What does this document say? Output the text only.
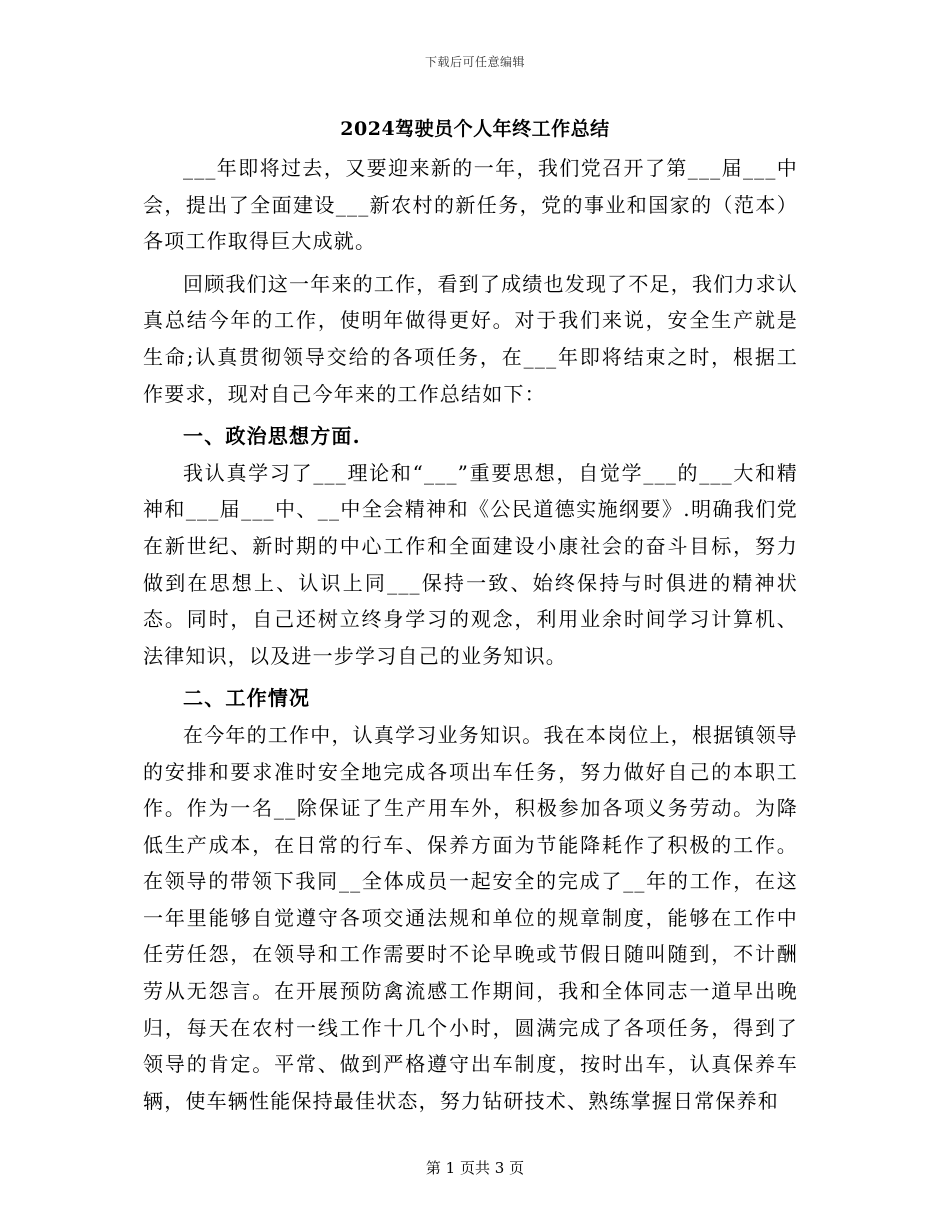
下载后可任意编辑
2024驾驶员个人年终工作总结

___年即将过去，又要迎来新的一年，我们党召开了第___届___中会，提出了全面建设___新农村的新任务，党的事业和国家的（范本）各项工作取得巨大成就。

回顾我们这一年来的工作，看到了成绩也发现了不足，我们力求认真总结今年的工作，使明年做得更好。对于我们来说，安全生产就是生命;认真贯彻领导交给的各项任务，在___年即将结束之时，根据工作要求，现对自己今年来的工作总结如下：

一、政治思想方面.

我认真学习了___理论和“___”重要思想，自觉学___的___大和精神和___届___中、__中全会精神和《公民道德实施纲要》.明确我们党在新世纪、新时期的中心工作和全面建设小康社会的奋斗目标，努力做到在思想上、认识上同___保持一致、始终保持与时俱进的精神状态。同时，自己还树立终身学习的观念，利用业余时间学习计算机、法律知识，以及进一步学习自己的业务知识。

二、工作情况

在今年的工作中，认真学习业务知识。我在本岗位上，根据镇领导的安排和要求准时安全地完成各项出车任务，努力做好自己的本职工作。作为一名__除保证了生产用车外，积极参加各项义务劳动。为降低生产成本，在日常的行车、保养方面为节能降耗作了积极的工作。在领导的带领下我同__全体成员一起安全的完成了__年的工作，在这一年里能够自觉遵守各项交通法规和单位的规章制度，能够在工作中任劳任怨，在领导和工作需要时不论早晚或节假日随叫随到，不计酬劳从无怨言。在开展预防禽流感工作期间，我和全体同志一道早出晚归，每天在农村一线工作十几个小时，圆满完成了各项任务，得到了领导的肯定。平常、做到严格遵守出车制度，按时出车，认真保养车辆，使车辆性能保持最佳状态，努力钻研技术、熟练掌握日常保养和

第 1 页共 3 页
